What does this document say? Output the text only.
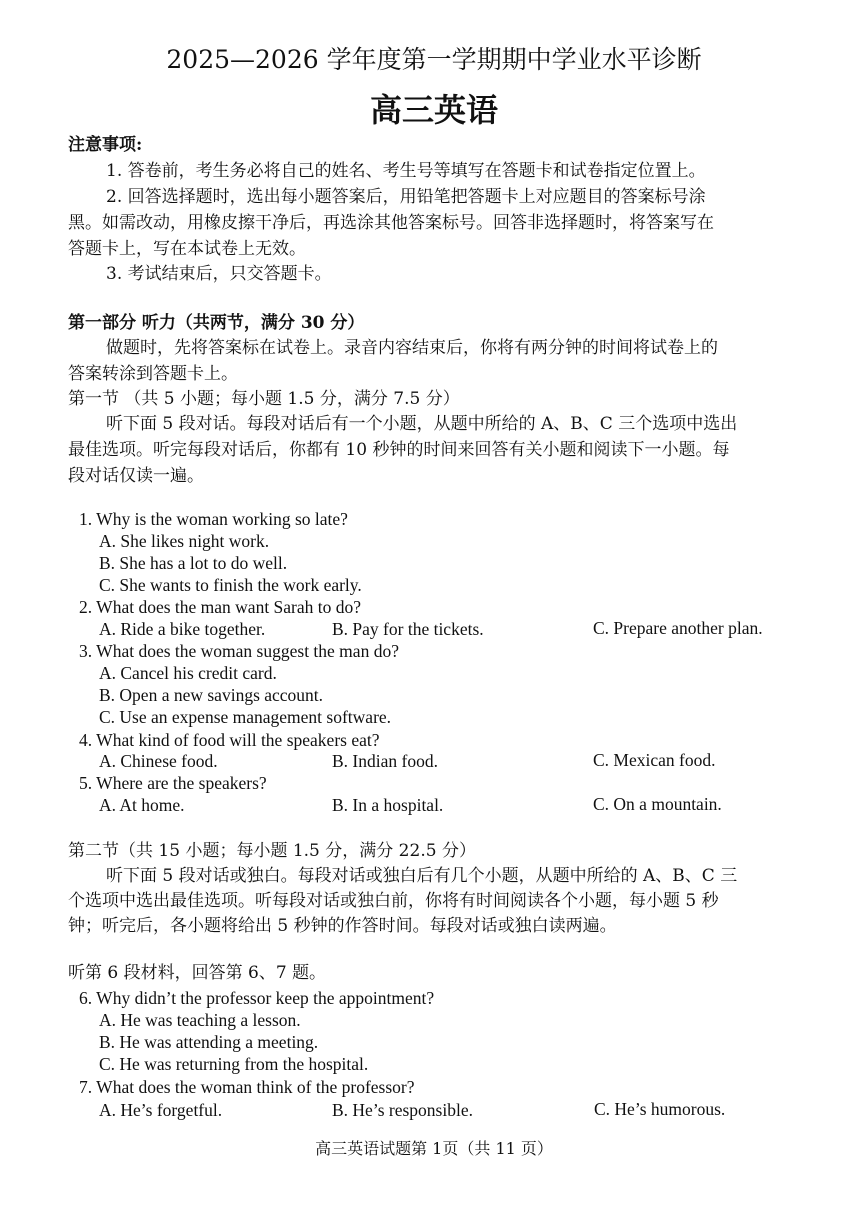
2025—2026 学年度第一学期期中学业水平诊断
高三英语
注意事项:
1. 答卷前，考生务必将自己的姓名、考生号等填写在答题卡和试卷指定位置上。
2. 回答选择题时，选出每小题答案后，用铅笔把答题卡上对应题目的答案标号涂
黑。如需改动，用橡皮擦干净后，再选涂其他答案标号。回答非选择题时，将答案写在
答题卡上，写在本试卷上无效。
3. 考试结束后，只交答题卡。
第一部分 听力（共两节，满分 30 分）
做题时，先将答案标在试卷上。录音内容结束后，你将有两分钟的时间将试卷上的
答案转涂到答题卡上。
第一节 （共 5 小题；每小题 1.5 分，满分 7.5 分）
听下面 5 段对话。每段对话后有一个小题，从题中所给的 A、B、C 三个选项中选出
最佳选项。听完每段对话后，你都有 10 秒钟的时间来回答有关小题和阅读下一小题。每
段对话仅读一遍。
1. Why is the woman working so late?
A. She likes night work.
B. She has a lot to do well.
C. She wants to finish the work early.
2. What does the man want Sarah to do?
A. Ride a bike together.	B. Pay for the tickets.	C. Prepare another plan.
3. What does the woman suggest the man do?
A. Cancel his credit card.
B. Open a new savings account.
C. Use an expense management software.
4. What kind of food will the speakers eat?
A. Chinese food.	B. Indian food.	C. Mexican food.
5. Where are the speakers?
A. At home.	B. In a hospital.	C. On a mountain.
第二节（共 15 小题；每小题 1.5 分，满分 22.5 分）
听下面 5 段对话或独白。每段对话或独白后有几个小题，从题中所给的 A、B、C 三
个选项中选出最佳选项。听每段对话或独白前，你将有时间阅读各个小题，每小题 5 秒
钟；听完后，各小题将给出 5 秒钟的作答时间。每段对话或独白读两遍。
听第 6 段材料，回答第 6、7 题。
6. Why didn’t the professor keep the appointment?
A. He was teaching a lesson.
B. He was attending a meeting.
C. He was returning from the hospital.
7. What does the woman think of the professor?
A. He’s forgetful.	B. He’s responsible.	C. He’s humorous.
高三英语试题第 1页（共 11 页）
